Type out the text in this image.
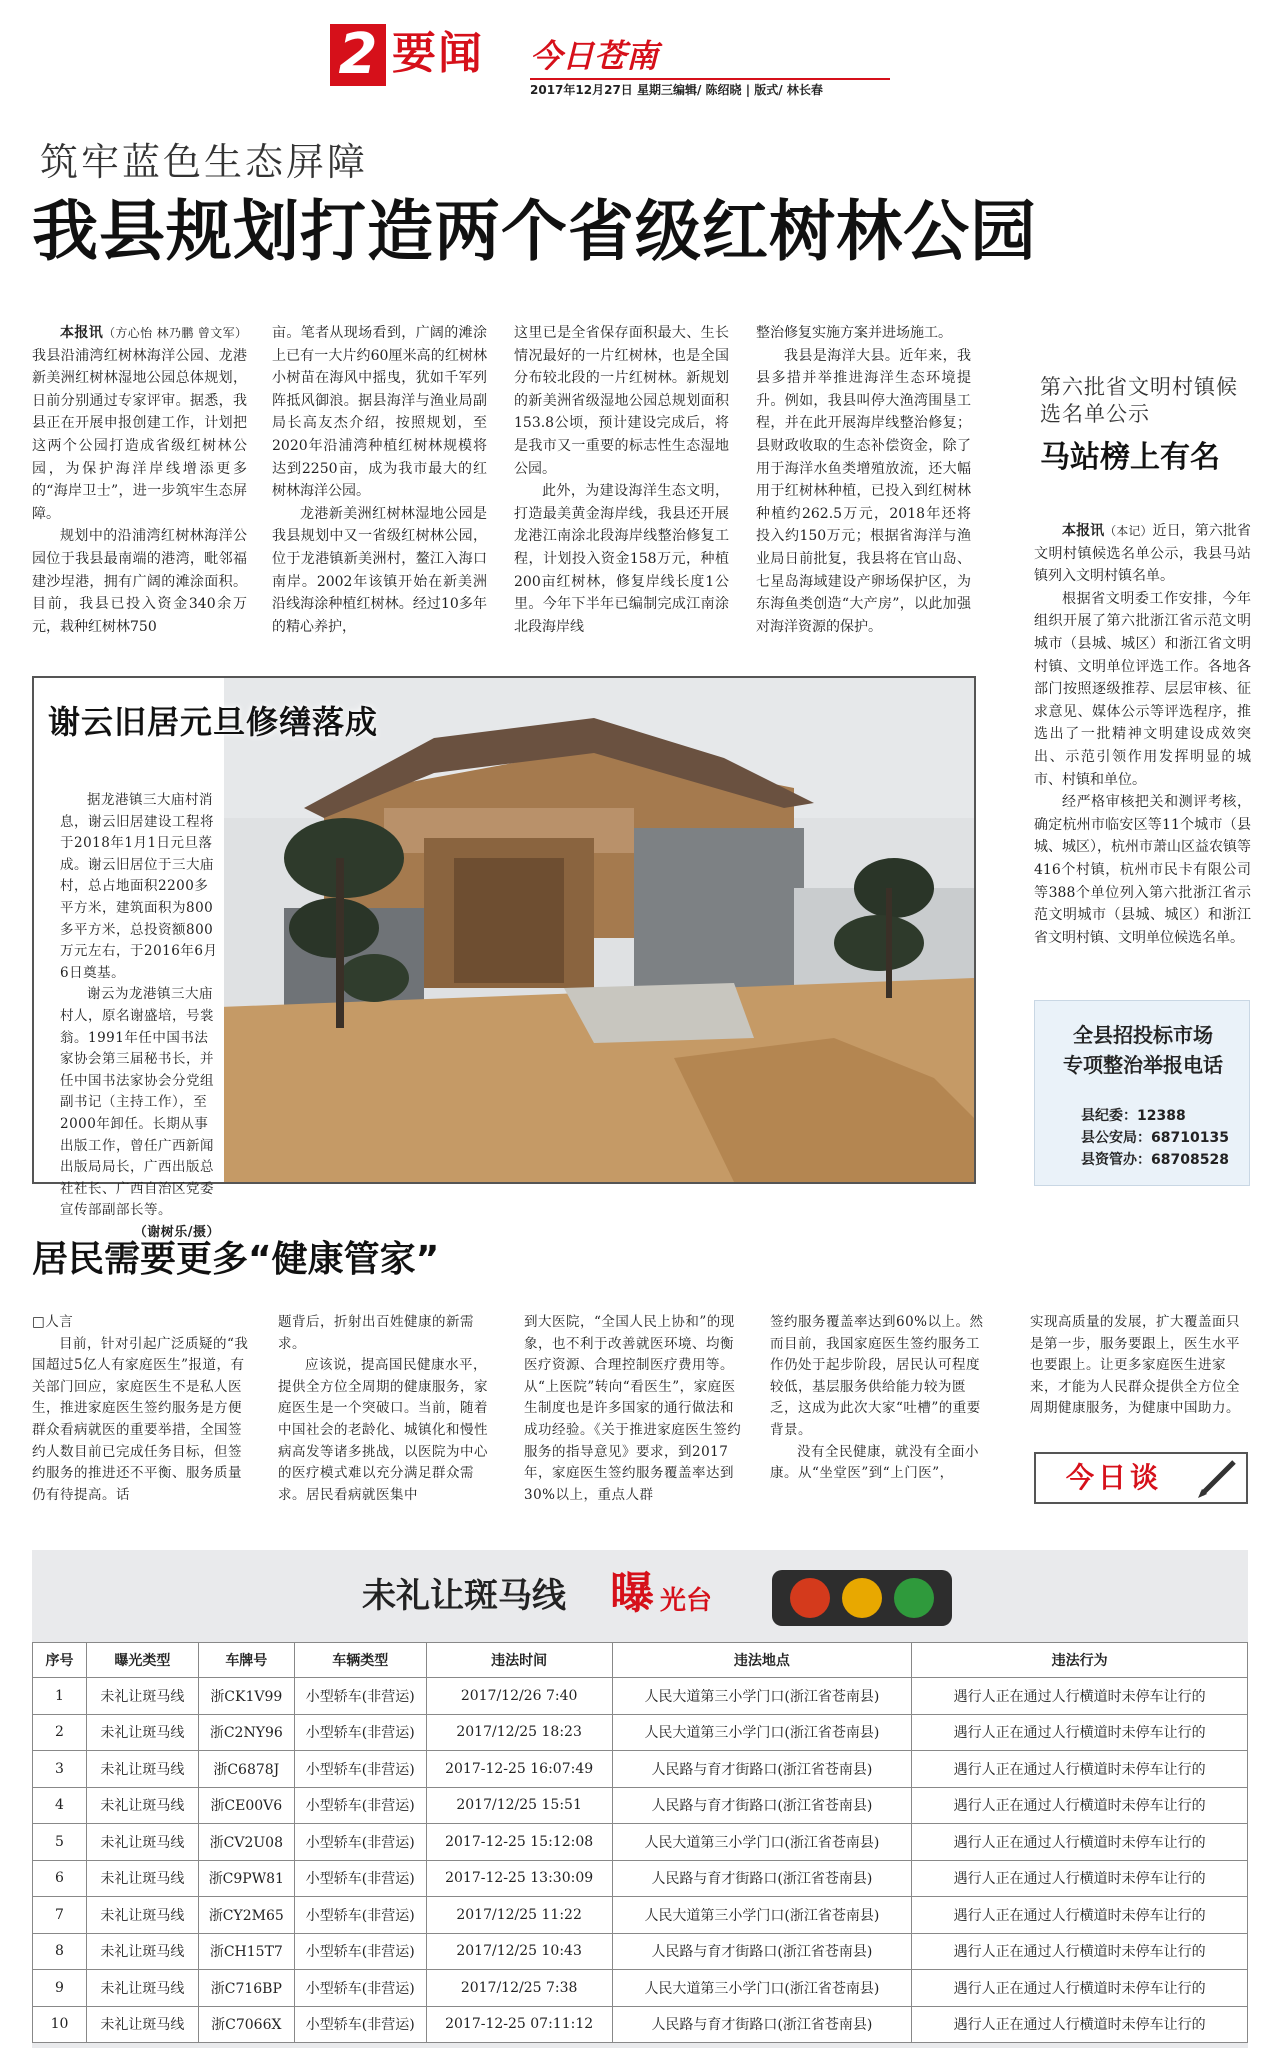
2 要闻 今日苍南
2017年12月27日 星期三编辑/ 陈绍晓 | 版式/ 林长春
筑牢蓝色生态屏障
我县规划打造两个省级红树林公园

本报讯（方心怡 林乃鹏 曾文军）我县沿浦湾红树林海洋公园、龙港新美洲红树林湿地公园总体规划，日前分别通过专家评审。据悉，我县正在开展申报创建工作，计划把这两个公园打造成省级红树林公园，为保护海洋岸线增添更多的“海岸卫士”，进一步筑牢生态屏障。

规划中的沿浦湾红树林海洋公园位于我县最南端的港湾，毗邻福建沙埕港，拥有广阔的滩涂面积。目前，我县已投入资金340余万元，栽种红树林750

亩。笔者从现场看到，广阔的滩涂上已有一大片约60厘米高的红树林小树苗在海风中摇曳，犹如千军列阵抵风御浪。据县海洋与渔业局副局长高友杰介绍，按照规划，至2020年沿浦湾种植红树林规模将达到2250亩，成为我市最大的红树林海洋公园。

龙港新美洲红树林湿地公园是我县规划中又一省级红树林公园，位于龙港镇新美洲村，鳌江入海口南岸。2002年该镇开始在新美洲沿线海涂种植红树林。经过10多年的精心养护，

这里已是全省保存面积最大、生长情况最好的一片红树林，也是全国分布较北段的一片红树林。新规划的新美洲省级湿地公园总规划面积153.8公顷，预计建设完成后，将是我市又一重要的标志性生态湿地公园。

此外，为建设海洋生态文明，打造最美黄金海岸线，我县还开展龙港江南涂北段海岸线整治修复工程，计划投入资金158万元，种植200亩红树林，修复岸线长度1公里。今年下半年已编制完成江南涂北段海岸线

整治修复实施方案并进场施工。

我县是海洋大县。近年来，我县多措并举推进海洋生态环境提升。例如，我县叫停大渔湾围垦工程，并在此开展海岸线整治修复；县财政收取的生态补偿资金，除了用于海洋水鱼类增殖放流，还大幅用于红树林种植，已投入到红树林种植约262.5万元，2018年还将投入约150万元；根据省海洋与渔业局日前批复，我县将在官山岛、七星岛海域建设产卵场保护区，为东海鱼类创造“大产房”，以此加强对海洋资源的保护。

谢云旧居元旦修缮落成

据龙港镇三大庙村消息，谢云旧居建设工程将于2018年1月1日元旦落成。谢云旧居位于三大庙村，总占地面积2200多平方米，建筑面积为800多平方米，总投资额800万元左右，于2016年6月6日奠基。

谢云为龙港镇三大庙村人，原名谢盛培，号裳翁。1991年任中国书法家协会第三届秘书长，并任中国书法家协会分党组副书记（主持工作），至2000年卸任。长期从事出版工作，曾任广西新闻出版局局长，广西出版总社社长、广西自治区党委宣传部副部长等。

（谢树乐/摄）
第六批省文明村镇候选名单公示
马站榜上有名

本报讯（本记）近日，第六批省文明村镇候选名单公示，我县马站镇列入文明村镇名单。

根据省文明委工作安排，今年组织开展了第六批浙江省示范文明城市（县城、城区）和浙江省文明村镇、文明单位评选工作。各地各部门按照逐级推荐、层层审核、征求意见、媒体公示等评选程序，推选出了一批精神文明建设成效突出、示范引领作用发挥明显的城市、村镇和单位。

经严格审核把关和测评考核，确定杭州市临安区等11个城市（县城、城区），杭州市萧山区益农镇等416个村镇，杭州市民卡有限公司等388个单位列入第六批浙江省示范文明城市（县城、城区）和浙江省文明村镇、文明单位候选名单。

全县招投标市场
专项整治举报电话
县纪委：12388
县公安局：68710135
县资管办：68708528
居民需要更多“健康管家”
□人言

目前，针对引起广泛质疑的“我国超过5亿人有家庭医生”报道，有关部门回应，家庭医生不是私人医生，推进家庭医生签约服务是方便群众看病就医的重要举措，全国签约人数目前已完成任务目标，但签约服务的推进还不平衡、服务质量仍有待提高。话

题背后，折射出百姓健康的新需求。

应该说，提高国民健康水平，提供全方位全周期的健康服务，家庭医生是一个突破口。当前，随着中国社会的老龄化、城镇化和慢性病高发等诸多挑战，以医院为中心的医疗模式难以充分满足群众需求。居民看病就医集中

到大医院，“全国人民上协和”的现象，也不利于改善就医环境、均衡医疗资源、合理控制医疗费用等。从“上医院”转向“看医生”，家庭医生制度也是许多国家的通行做法和成功经验。《关于推进家庭医生签约服务的指导意见》要求，到2017年，家庭医生签约服务覆盖率达到30%以上，重点人群

签约服务覆盖率达到60%以上。然而目前，我国家庭医生签约服务工作仍处于起步阶段，居民认可程度较低，基层服务供给能力较为匮乏，这成为此次大家“吐槽”的重要背景。

没有全民健康，就没有全面小康。从“坐堂医”到“上门医”，

实现高质量的发展，扩大覆盖面只是第一步，服务要跟上，医生水平也要跟上。让更多家庭医生进家来，才能为人民群众提供全方位全周期健康服务，为健康中国助力。

今日谈
未礼让斑马线 曝 光台
序号	曝光类型	车牌号	车辆类型	违法时间	违法地点	违法行为
1	未礼让斑马线	浙CK1V99	小型轿车(非营运)	2017/12/26 7:40	人民大道第三小学门口(浙江省苍南县)	遇行人正在通过人行横道时未停车让行的
2	未礼让斑马线	浙C2NY96	小型轿车(非营运)	2017/12/25 18:23	人民大道第三小学门口(浙江省苍南县)	遇行人正在通过人行横道时未停车让行的
3	未礼让斑马线	浙C6878J	小型轿车(非营运)	2017-12-25 16:07:49	人民路与育才街路口(浙江省苍南县)	遇行人正在通过人行横道时未停车让行的
4	未礼让斑马线	浙CE00V6	小型轿车(非营运)	2017/12/25 15:51	人民路与育才街路口(浙江省苍南县)	遇行人正在通过人行横道时未停车让行的
5	未礼让斑马线	浙CV2U08	小型轿车(非营运)	2017-12-25 15:12:08	人民大道第三小学门口(浙江省苍南县)	遇行人正在通过人行横道时未停车让行的
6	未礼让斑马线	浙C9PW81	小型轿车(非营运)	2017-12-25 13:30:09	人民路与育才街路口(浙江省苍南县)	遇行人正在通过人行横道时未停车让行的
7	未礼让斑马线	浙CY2M65	小型轿车(非营运)	2017/12/25 11:22	人民大道第三小学门口(浙江省苍南县)	遇行人正在通过人行横道时未停车让行的
8	未礼让斑马线	浙CH15T7	小型轿车(非营运)	2017/12/25 10:43	人民路与育才街路口(浙江省苍南县)	遇行人正在通过人行横道时未停车让行的
9	未礼让斑马线	浙C716BP	小型轿车(非营运)	2017/12/25 7:38	人民大道第三小学门口(浙江省苍南县)	遇行人正在通过人行横道时未停车让行的
10	未礼让斑马线	浙C7066X	小型轿车(非营运)	2017-12-25 07:11:12	人民路与育才街路口(浙江省苍南县)	遇行人正在通过人行横道时未停车让行的
